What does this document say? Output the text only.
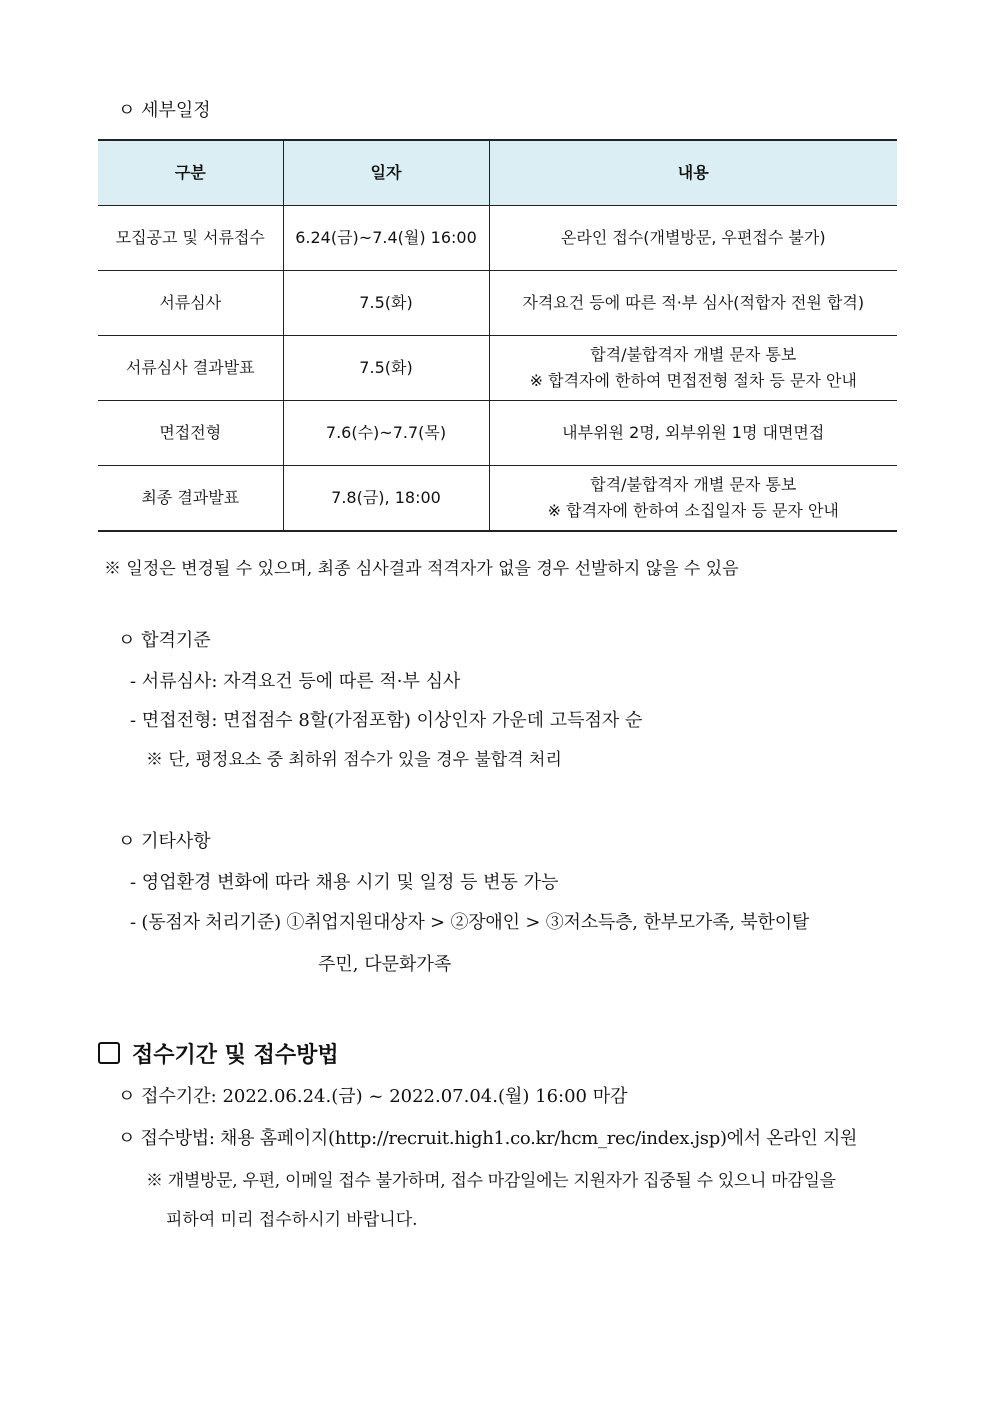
ㅇ 세부일정
구분	일자	내용
모집공고 및 서류접수	6.24(금)~7.4(월) 16:00	온라인 접수(개별방문, 우편접수 불가)
서류심사	7.5(화)	자격요건 등에 따른 적·부 심사(적합자 전원 합격)
서류심사 결과발표	7.5(화)	합격/불합격자 개별 문자 통보
※ 합격자에 한하여 면접전형 절차 등 문자 안내

면접전형	7.6(수)~7.7(목)	내부위원 2명, 외부위원 1명 대면면접
최종 결과발표	7.8(금), 18:00	합격/불합격자 개별 문자 통보
※ 합격자에 한하여 소집일자 등 문자 안내
※ 일정은 변경될 수 있으며, 최종 심사결과 적격자가 없을 경우 선발하지 않을 수 있음
ㅇ 합격기준
- 서류심사: 자격요건 등에 따른 적·부 심사
- 면접전형: 면접점수 8할(가점포함) 이상인자 가운데 고득점자 순
※ 단, 평정요소 중 최하위 점수가 있을 경우 불합격 처리
ㅇ 기타사항
- 영업환경 변화에 따라 채용 시기 및 일정 등 변동 가능
- (동점자 처리기준) ①취업지원대상자 > ②장애인 > ③저소득층, 한부모가족, 북한이탈
주민, 다문화가족
접수기간 및 접수방법
ㅇ 접수기간: 2022.06.24.(금) ~ 2022.07.04.(월) 16:00 마감
ㅇ 접수방법: 채용 홈페이지(http://recruit.high1.co.kr/hcm_rec/index.jsp)에서 온라인 지원
※ 개별방문, 우편, 이메일 접수 불가하며, 접수 마감일에는 지원자가 집중될 수 있으니 마감일을
피하여 미리 접수하시기 바랍니다.
